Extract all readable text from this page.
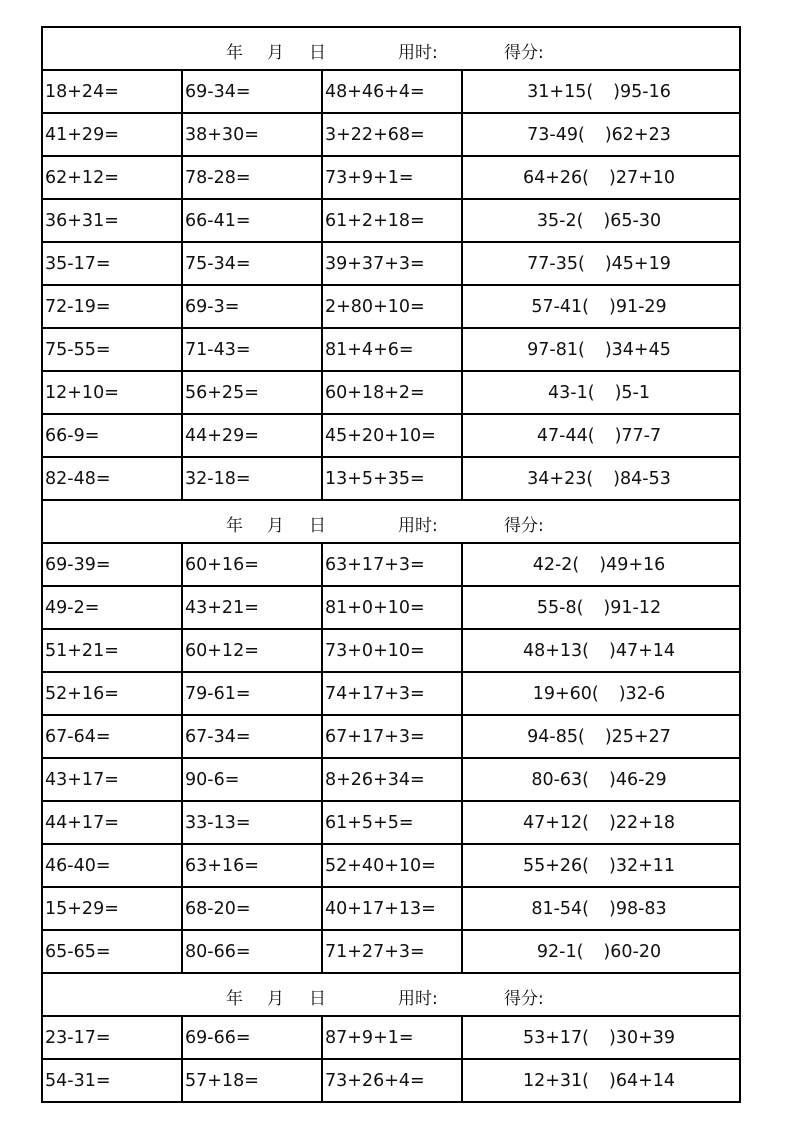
年 月 日	用时:	得分:
18+24=	69-34=	48+46+4=	31+15( )95-16
41+29=	38+30=	3+22+68=	73-49( )62+23
62+12=	78-28=	73+9+1=	64+26( )27+10
36+31=	66-41=	61+2+18=	35-2( )65-30
35-17=	75-34=	39+37+3=	77-35( )45+19
72-19=	69-3=	2+80+10=	57-41( )91-29
75-55=	71-43=	81+4+6=	97-81( )34+45
12+10=	56+25=	60+18+2=	43-1( )5-1
66-9=	44+29=	45+20+10=	47-44( )77-7
82-48=	32-18=	13+5+35=	34+23( )84-53
年 月 日	用时:	得分:
69-39=	60+16=	63+17+3=	42-2( )49+16
49-2=	43+21=	81+0+10=	55-8( )91-12
51+21=	60+12=	73+0+10=	48+13( )47+14
52+16=	79-61=	74+17+3=	19+60( )32-6
67-64=	67-34=	67+17+3=	94-85( )25+27
43+17=	90-6=	8+26+34=	80-63( )46-29
44+17=	33-13=	61+5+5=	47+12( )22+18
46-40=	63+16=	52+40+10=	55+26( )32+11
15+29=	68-20=	40+17+13=	81-54( )98-83
65-65=	80-66=	71+27+3=	92-1( )60-20
年 月 日	用时:	得分:
23-17=	69-66=	87+9+1=	53+17( )30+39
54-31=	57+18=	73+26+4=	12+31( )64+14
